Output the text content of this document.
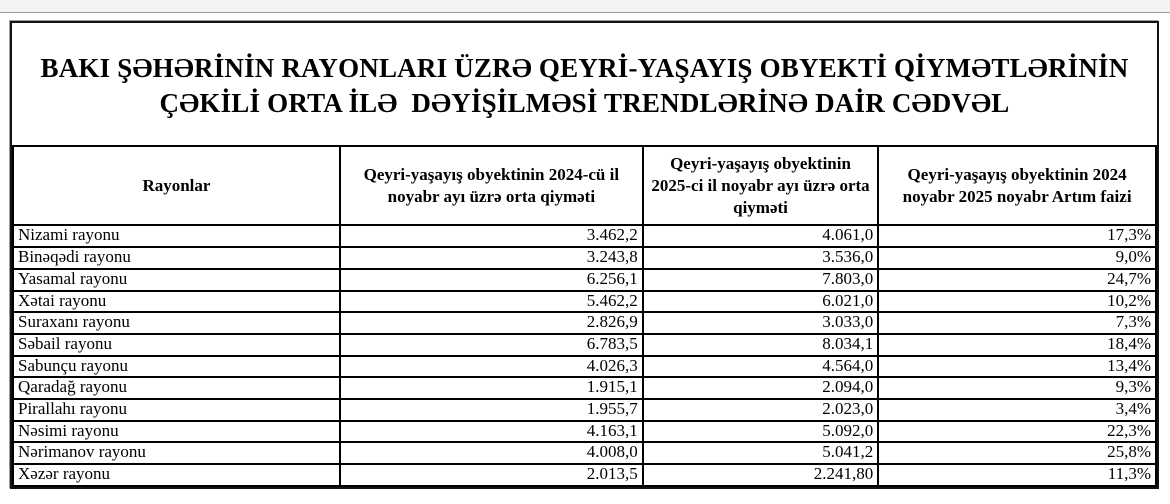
BAKI ŞƏHƏRİNİN RAYONLARI ÜZRƏ QEYRİ-YAŞAYIŞ OBYEKTİ QİYMƏTLƏRİNİN
ÇƏKİLİ ORTA İLƏ  DƏYİŞİLMƏSİ TRENDLƏRİNƏ DAİR CƏDVƏL
Rayonlar	Qeyri-yaşayış obyektinin 2024-cü il noyabr ayı üzrə orta qiyməti	Qeyri-yaşayış obyektinin 2025-ci il noyabr ayı üzrə orta qiyməti	Qeyri-yaşayış obyektinin 2024 noyabr 2025 noyabr Artım faizi
Nizami rayonu	3.462,2	4.061,0	17,3%
Binəqədi rayonu	3.243,8	3.536,0	9,0%
Yasamal rayonu	6.256,1	7.803,0	24,7%
Xətai rayonu	5.462,2	6.021,0	10,2%
Suraxanı rayonu	2.826,9	3.033,0	7,3%
Səbail rayonu	6.783,5	8.034,1	18,4%
Sabunçu rayonu	4.026,3	4.564,0	13,4%
Qaradağ rayonu	1.915,1	2.094,0	9,3%
Pirallahı rayonu	1.955,7	2.023,0	3,4%
Nəsimi rayonu	4.163,1	5.092,0	22,3%
Nərimanov rayonu	4.008,0	5.041,2	25,8%
Xəzər rayonu	2.013,5	2.241,80	11,3%
